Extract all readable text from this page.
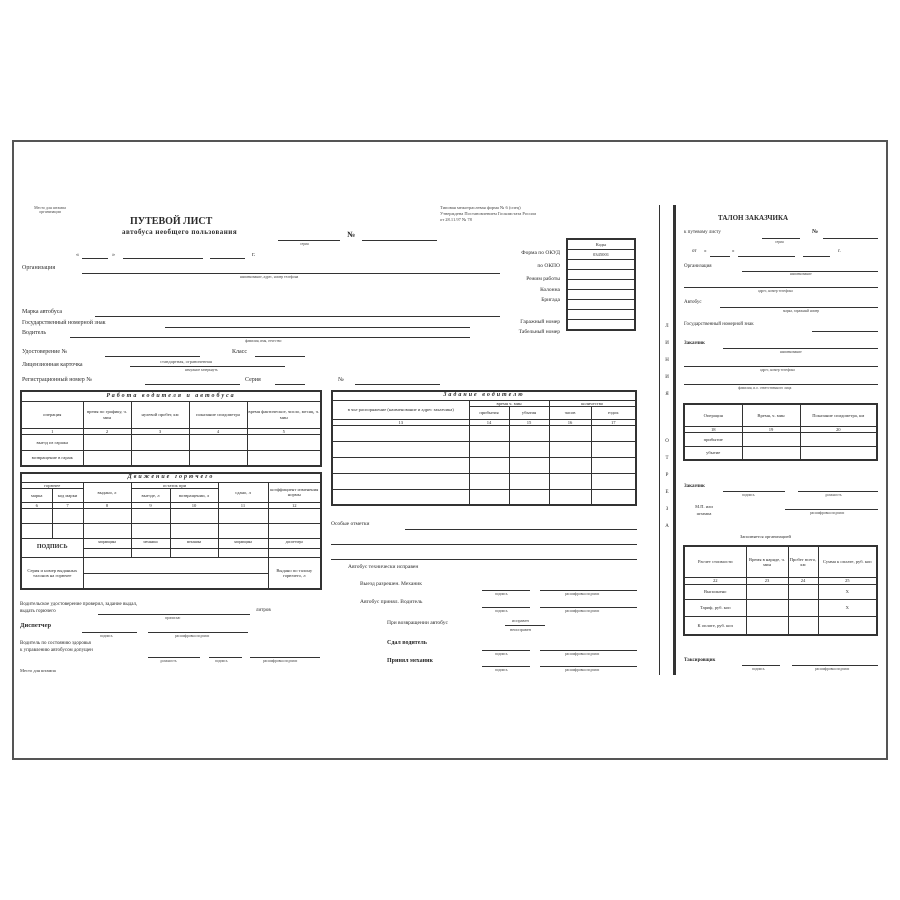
Место для штампа организации
ПУТЕВОЙ ЛИСТ
автобуса необщего пользования
серия
№
«	»	г.
Организация
наименование, адрес, номер телефона
Марка автобуса
Государственный номерной знак
Водитель
фамилия, имя, отчество
Удостоверение №	Класс
Лицензионная карточка
стандартная, ограниченная
ненужное зачеркнуть
Регистрационный номер №	Серия	№
Типовая межотраслевая форма № 6 (спец)
Утверждена Постановлением Госкомстата России
от 28.11.97 № 78
Коды
0345001

Форма по ОКУД
по ОКПО
Режим работы
Колонна
Бригада
Гаражный номер
Табельный номер
Работа водителя и автобуса				
операция	время по графику, ч. мин	нулевой пробег, км	показание спидометра	время фактическое, число, месяц, ч. мин
1	2	3	4	5
выезд из гаража				
возвращение в гараж				
Движение горючего						
горючее		выдано, л	остаток при		сдано, л	коэффициент изменения нормы
марка	код марки		выезде, л	возвращении, л		
6	7	8	9	10	11	12

ПОДПИСЬ		заправщика	механика	механика	заправщика	диспетчера

Серия и номер выданных талонов на горючее						Выдано по талону горючего, л

Водительское удостоверение проверил, задание выдал,
выдать горючего
прописью
литров
Диспетчер
подпись	расшифровка подписи
Водитель по состоянию здоровья
к управлению автобусом допущен
должность	подпись	расшифровка подписи
Место для штампа
Задание водителю				
в чье распоряжение (наименование и адрес заказчика)	время ч. мин		количество	
	прибытия	убытия	часов	ездок
13	14	15	16	17

Особые отметки
Автобус технически исправен
Выезд разрешен. Механик
подпись	расшифровка подписи
Автобус принял. Водитель
подпись	расшифровка подписи
При возвращении автобус	исправен
неисправен
Сдал водитель
подпись	расшифровка подписи
Принял механик
подпись	расшифровка подписи
Л
И
Н
И
Я
О
Т
Р
Е
З
А
ТАЛОН ЗАКАЗЧИКА
к путевому листу
серия
№
от «	»	г.
Организация
наименование
адрес, номер телефона
Автобус
марка, гаражный номер
Государственный номерной знак
Заказчик
наименование
адрес, номер телефона
фамилия, и.о. ответственного лица
Операция	Время, ч. мин	Показание спидометра, км
18	19	20
прибытие		
убытие		
Заказчик
подпись	должность
М.П. или штампа	расшифровка подписи
Заполняется организацией
Расчет стоимости	Время в наряде, ч. мин	Пробег всего, км	Сумма к оплате, руб. коп
22	23	24	25
Выполнено			Х
Тариф, руб. коп			Х
К оплате, руб. коп			
Таксировщик
подпись	расшифровка подписи
